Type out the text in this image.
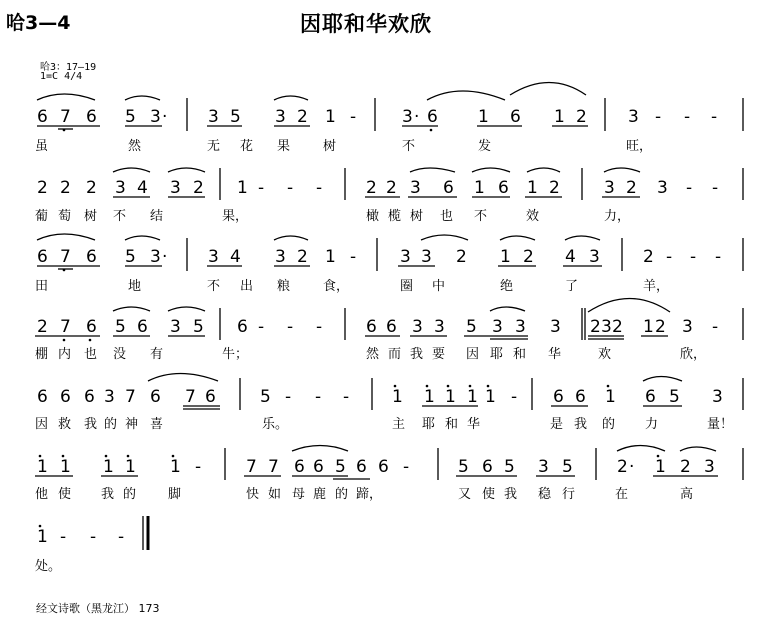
哈3—4	因耶和华欢欣
哈3：17—19
1=C 4/4
6 7 6 5 3 · 3 5 3 2 1 -	3 · 6 1 6 1 2 3 - - -
虽	然	无 花 果	树	不	发	旺，
2 2 2 3 4 3 2 1 - - -	2 2 3 6 1 6 1 2	3 2 3 - -
葡 萄 树 不 结	果，	橄 榄 树 也 不	效	力，
6 7 6 5 3 · 3 4 3 2 1 -	3 3 2 1 2 4 3	2 - - -
田	地	不 出 粮	食，	圈 中	绝	了	羊，
2 7 6 5 6 3 5 6 - - -	6 6 3 3 5 3 3 3 2 3 2 1 2 3 -
棚 内 也 没 有	牛；	然 而 我 要 因 耶 和 华	欢	欣，
6 6 6 3 7 6 7 6	5 - - -	1 1 1 1 1 - 6 6 1 6 5 3
因 救 我 的 神 喜	乐。	主 耶 和 华	是 我 的 力	量！
1 1 1 1 1 -	7 7 6 6 5 6 6 -	5 6 5 3 5	2 · 1 2 3
他 使 我 的 脚	快 如 母 鹿 的 蹄，	又 使 我 稳 行	在	高
1 - - -
处。
经文诗歌（黑龙江） 173
